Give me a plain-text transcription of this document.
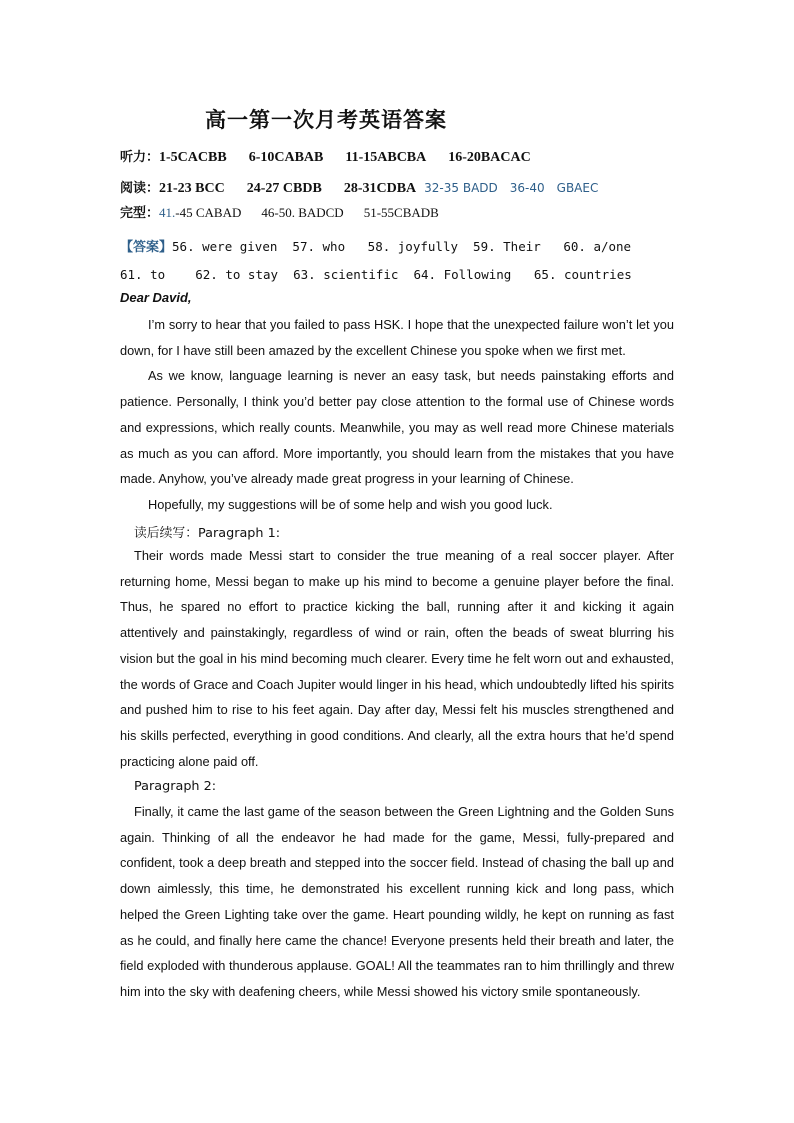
高一第一次月考英语答案
听力：1-5CACBB 6-10CABAB 11-15ABCBA 16-20BACAC
阅读：21-23 BCC 24-27 CBDB 28-31CDBA 32-35 BADD 36-40 GBAEC
完型：41.-45 CABAD 46-50. BADCD 51-55CBADB
【答案】56. were given  57. who   58. joyfully  59. Their   60. a/one
61. to    62. to stay  63. scientific  64. Following   65. countries
Dear David,

I’m sorry to hear that you failed to pass HSK. I hope that the unexpected failure won’t let you down, for I have still been amazed by the excellent Chinese you spoke when we first met.

As we know, language learning is never an easy task, but needs painstaking efforts and patience. Personally, I think you’d better pay close attention to the formal use of Chinese words and expressions, which really counts. Meanwhile, you may as well read more Chinese materials as much as you can afford. More importantly, you should learn from the mistakes that you have made. Anyhow, you’ve already made great progress in your learning of Chinese.

Hopefully, my suggestions will be of some help and wish you good luck.

读后续写：Paragraph 1:

Their words made Messi start to consider the true meaning of a real soccer player. After returning home, Messi began to make up his mind to become a genuine player before the final. Thus, he spared no effort to practice kicking the ball, running after it and kicking it again attentively and painstakingly, regardless of wind or rain, often the beads of sweat blurring his vision but the goal in his mind becoming much clearer. Every time he felt worn out and exhausted, the words of Grace and Coach Jupiter would linger in his head, which undoubtedly lifted his spirits and pushed him to rise to his feet again. Day after day, Messi felt his muscles strengthened and his skills perfected, everything in good conditions. And clearly, all the extra hours that he’d spend practicing alone paid off.

Paragraph 2:

Finally, it came the last game of the season between the Green Lightning and the Golden Suns again. Thinking of all the endeavor he had made for the game, Messi, fully-prepared and confident, took a deep breath and stepped into the soccer field. Instead of chasing the ball up and down aimlessly, this time, he demonstrated his excellent running kick and long pass, which helped the Green Lighting take over the game. Heart pounding wildly, he kept on running as fast as he could, and finally here came the chance! Everyone presents held their breath and later, the field exploded with thunderous applause. GOAL! All the teammates ran to him thrillingly and threw him into the sky with deafening cheers, while Messi showed his victory smile spontaneously.
